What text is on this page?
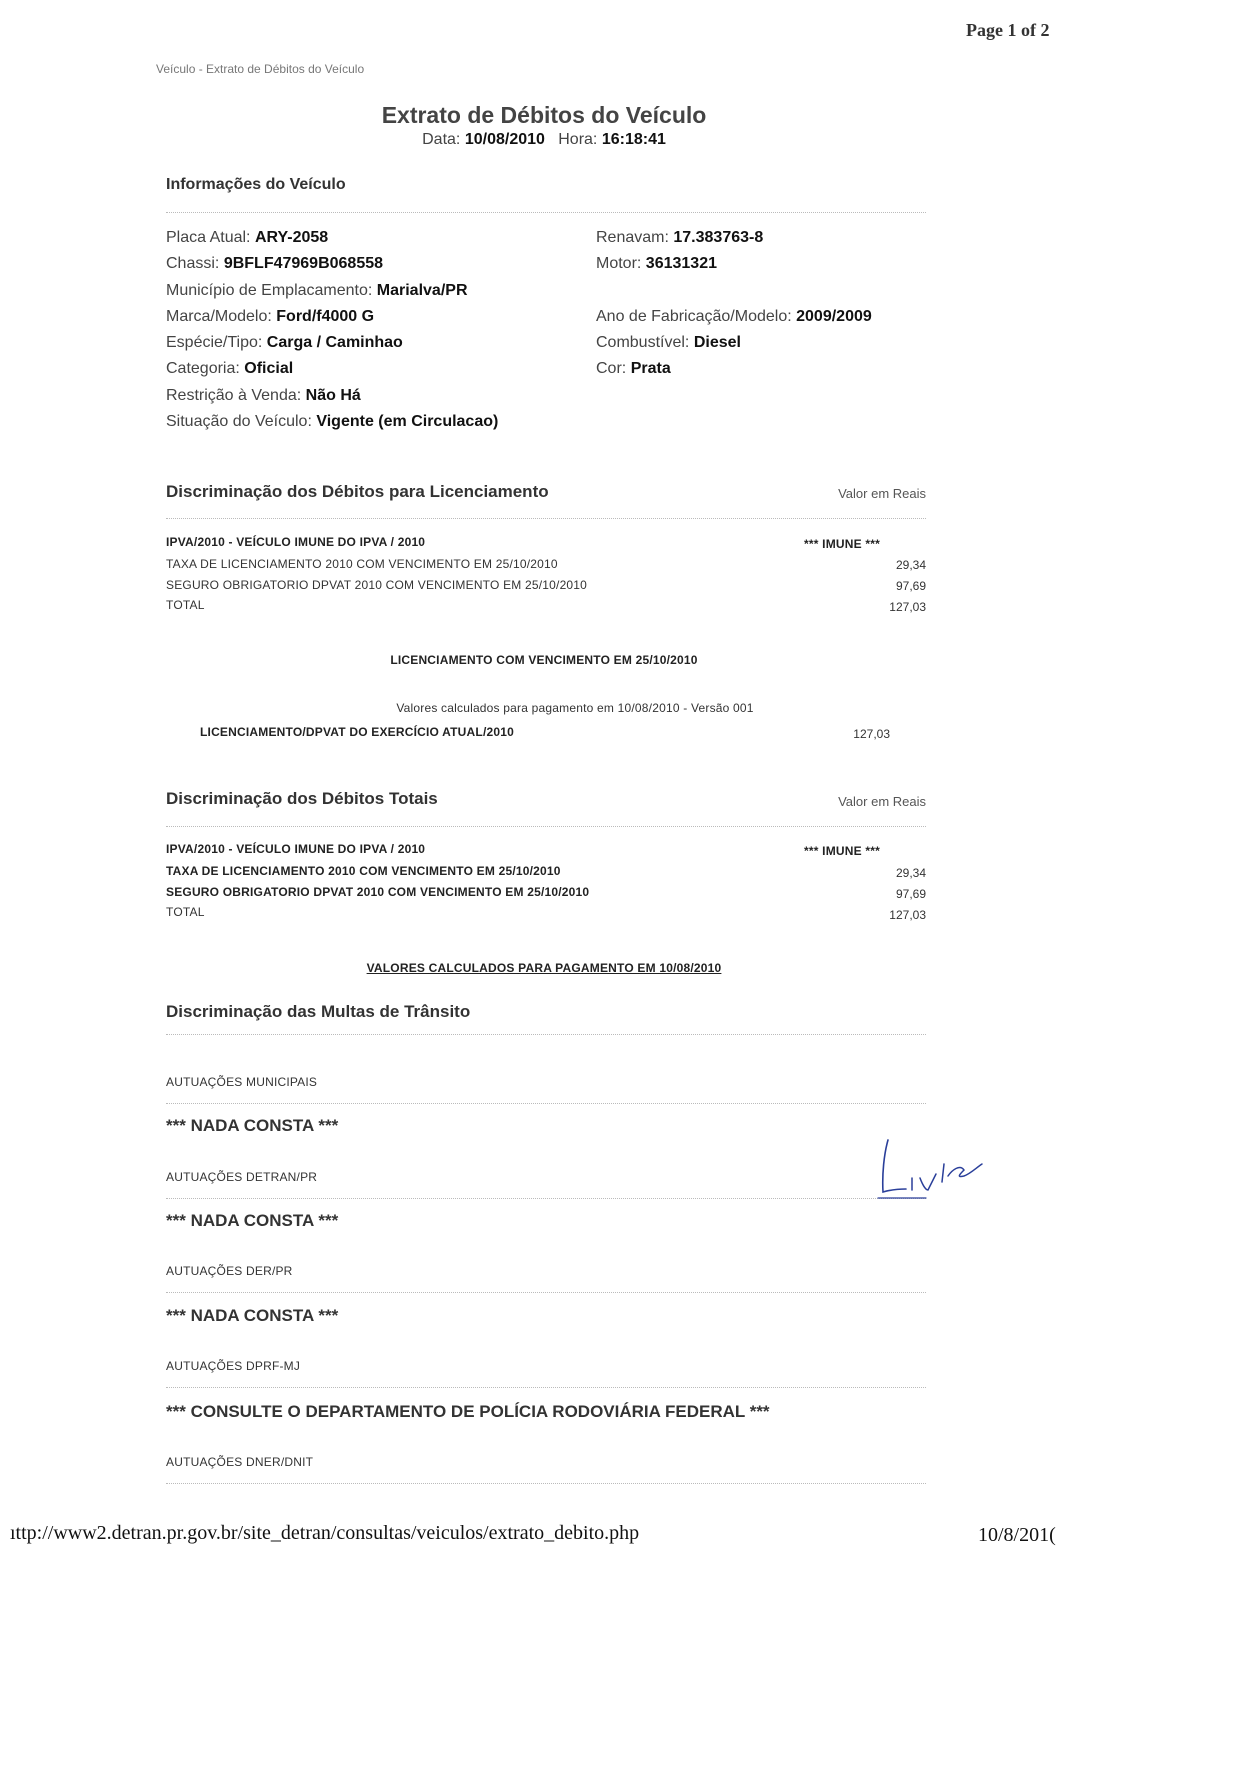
Page 1 of 2
Veículo - Extrato de Débitos do Veículo
Extrato de Débitos do Veículo
Data: 10/08/2010 Hora: 16:18:41
Informações do Veículo
Placa Atual: ARY-2058
Chassi: 9BFLF47969B068558
Município de Emplacamento: Marialva/PR
Marca/Modelo: Ford/f4000 G
Espécie/Tipo: Carga / Caminhao
Categoria: Oficial
Restrição à Venda: Não Há
Situação do Veículo: Vigente (em Circulacao)
Renavam: 17.383763-8
Motor: 36131321
Ano de Fabricação/Modelo: 2009/2009
Combustível: Diesel
Cor: Prata
Discriminação dos Débitos para Licenciamento	Valor em Reais
IPVA/2010 - VEÍCULO IMUNE DO IPVA / 2010	*** IMUNE ***
TAXA DE LICENCIAMENTO 2010 COM VENCIMENTO EM 25/10/2010	29,34
SEGURO OBRIGATORIO DPVAT 2010 COM VENCIMENTO EM 25/10/2010	97,69
TOTAL	127,03
LICENCIAMENTO COM VENCIMENTO EM 25/10/2010
Valores calculados para pagamento em 10/08/2010 - Versão 001
LICENCIAMENTO/DPVAT DO EXERCÍCIO ATUAL/2010	127,03
Discriminação dos Débitos Totais	Valor em Reais
IPVA/2010 - VEÍCULO IMUNE DO IPVA / 2010	*** IMUNE ***
TAXA DE LICENCIAMENTO 2010 COM VENCIMENTO EM 25/10/2010	29,34
SEGURO OBRIGATORIO DPVAT 2010 COM VENCIMENTO EM 25/10/2010	97,69
TOTAL	127,03
VALORES CALCULADOS PARA PAGAMENTO EM 10/08/2010
Discriminação das Multas de Trânsito
AUTUAÇÕES MUNICIPAIS
*** NADA CONSTA ***
AUTUAÇÕES DETRAN/PR
*** NADA CONSTA ***
AUTUAÇÕES DER/PR
*** NADA CONSTA ***
AUTUAÇÕES DPRF-MJ
*** CONSULTE O DEPARTAMENTO DE POLÍCIA RODOVIÁRIA FEDERAL ***
AUTUAÇÕES DNER/DNIT
ıttp://www2.detran.pr.gov.br/site_detran/consultas/veiculos/extrato_debito.php	10/8/201(
